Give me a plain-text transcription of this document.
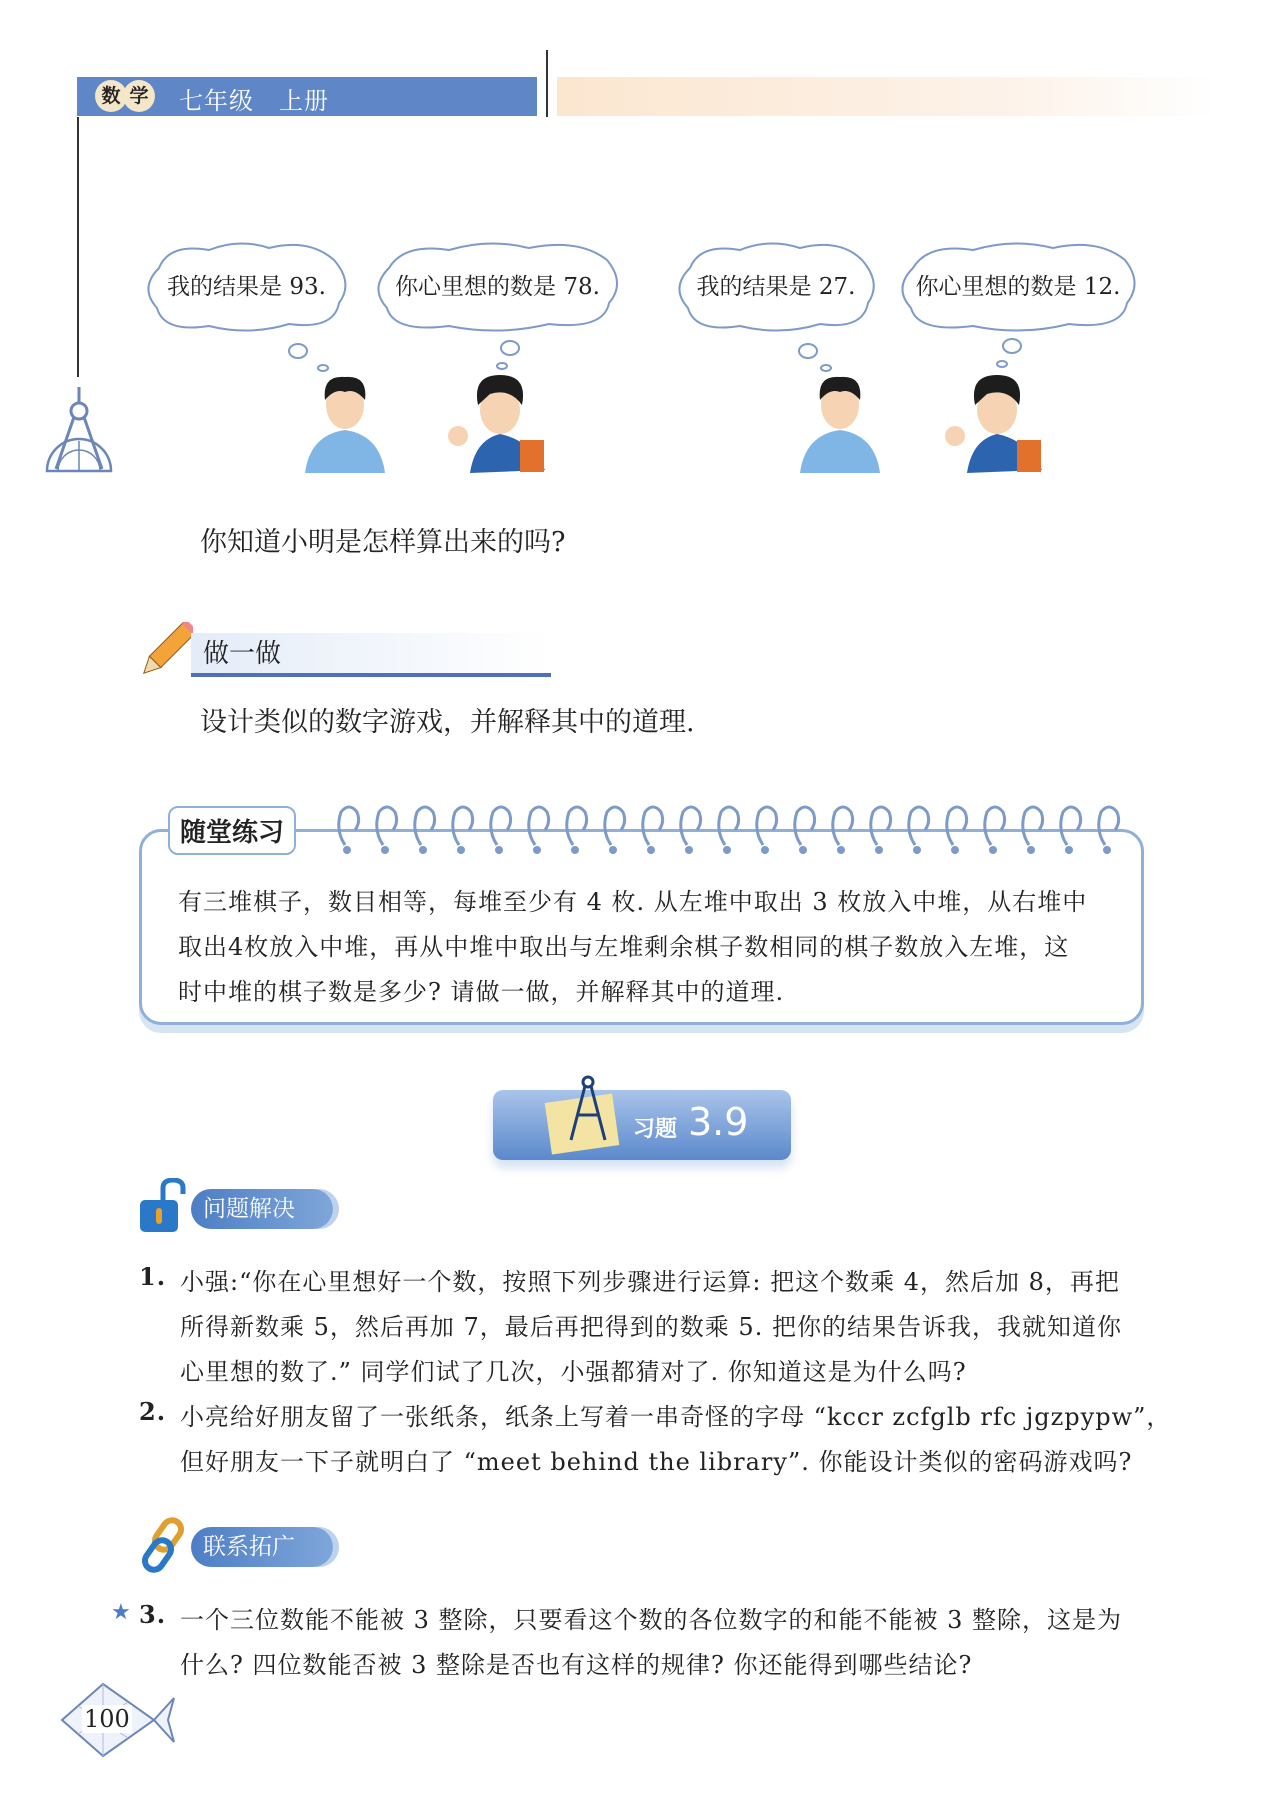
数 学	七年级　上册
我的结果是 93.	你心里想的数是 78.	我的结果是 27.	你心里想的数是 12.
你知道小明是怎样算出来的吗?
做一做
设计类似的数字游戏，并解释其中的道理.
有三堆棋子，数目相等，每堆至少有 4 枚. 从左堆中取出 3 枚放入中堆，从右堆中
取出4枚放入中堆，再从中堆中取出与左堆剩余棋子数相同的棋子数放入左堆，这
时中堆的棋子数是多少? 请做一做，并解释其中的道理.
随堂练习
习题 3.9
问题解决
1. 小强:“你在心里想好一个数，按照下列步骤进行运算: 把这个数乘 4，然后加 8，再把
所得新数乘 5，然后再加 7，最后再把得到的数乘 5. 把你的结果告诉我，我就知道你
心里想的数了.” 同学们试了几次，小强都猜对了. 你知道这是为什么吗?
2. 小亮给好朋友留了一张纸条，纸条上写着一串奇怪的字母 “kccr zcfglb rfc jgzpypw”，
但好朋友一下子就明白了 “meet behind the library”. 你能设计类似的密码游戏吗?
联系拓广
★ 3. 一个三位数能不能被 3 整除，只要看这个数的各位数字的和能不能被 3 整除，这是为
什么? 四位数能否被 3 整除是否也有这样的规律? 你还能得到哪些结论?
100
